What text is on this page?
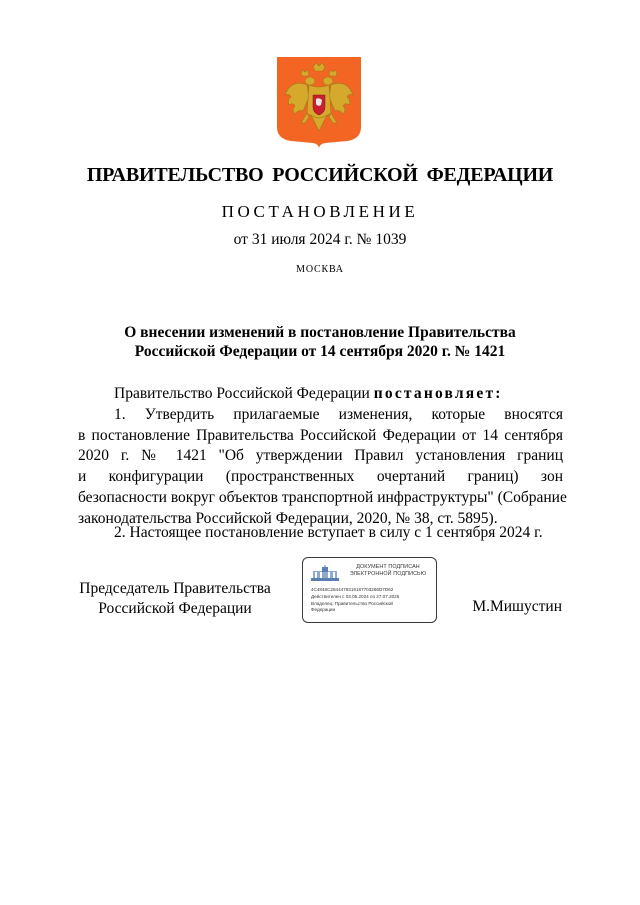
ПРАВИТЕЛЬСТВО РОССИЙСКОЙ ФЕДЕРАЦИИ
ПОСТАНОВЛЕНИЕ
от 31 июля 2024 г. № 1039
МОСКВА
О внесении изменений в постановление Правительства
Российской Федерации от 14 сентября 2020 г. № 1421
Правительство Российской Федерации постановляет:
1. Утвердить прилагаемые изменения, которые вносятся
в постановление Правительства Российской Федерации от 14 сентября
2020 г. № 1421 "Об утверждении Правил установления границ
и конфигурации (пространственных очертаний границ) зон
безопасности вокруг объектов транспортной инфраструктуры" (Собрание
законодательства Российской Федерации, 2020, № 38, ст. 5895).
2. Настоящее постановление вступает в силу с 1 сентября 2024 г.
Председатель Правительства
Российской Федерации
ДОКУМЕНТ ПОДПИСАН
ЭЛЕКТРОННОЙ ПОДПИСЬЮ
4C4848C2844479319187703266D7D62
Действителен с 03.05.2024 по 27.07.2025
Владелец: Правительство Российской
Федерации	М.Мишустин
